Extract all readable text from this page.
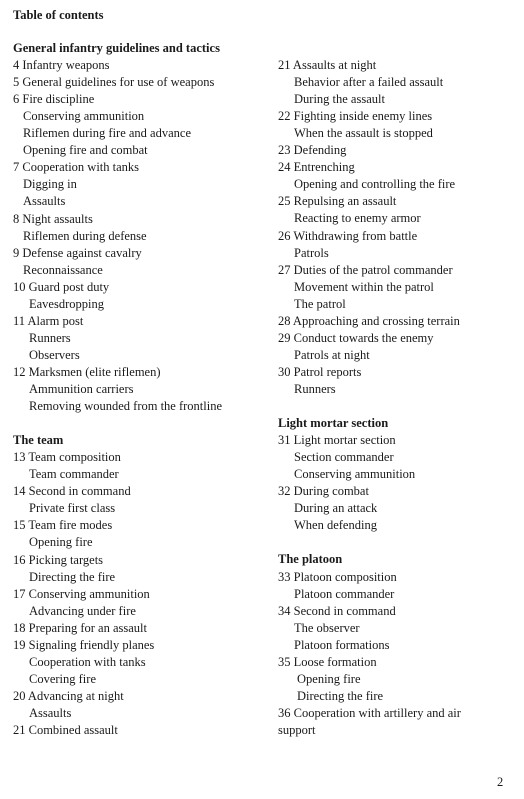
Table of contents
General infantry guidelines and tactics
4 Infantry weapons
5 General guidelines for use of weapons
6 Fire discipline
Conserving ammunition
Riflemen during fire and advance
Opening fire and combat
7 Cooperation with tanks
Digging in
Assaults
8 Night assaults
Riflemen during defense
9 Defense against cavalry
Reconnaissance
10 Guard post duty
Eavesdropping
11 Alarm post
Runners
Observers
12 Marksmen (elite riflemen)
Ammunition carriers
Removing wounded from the frontline
The team
13 Team composition
Team commander
14 Second in command
Private first class
15 Team fire modes
Opening fire
16 Picking targets
Directing the fire
17 Conserving ammunition
Advancing under fire
18 Preparing for an assault
19 Signaling friendly planes
Cooperation with tanks
Covering fire
20 Advancing at night
Assaults
21 Combined assault
21 Assaults at night
Behavior after a failed assault
During the assault
22 Fighting inside enemy lines
When the assault is stopped
23 Defending
24 Entrenching
Opening and controlling the fire
25 Repulsing an assault
Reacting to enemy armor
26 Withdrawing from battle
Patrols
27 Duties of the patrol commander
Movement within the patrol
The patrol
28 Approaching and crossing terrain
29 Conduct towards the enemy
Patrols at night
30 Patrol reports
Runners
Light mortar section
31 Light mortar section
Section commander
Conserving ammunition
32 During combat
During an attack
When defending
The platoon
33 Platoon composition
Platoon commander
34 Second in command
The observer
Platoon formations
35 Loose formation
Opening fire
Directing the fire
36 Cooperation with artillery and air
support
2
